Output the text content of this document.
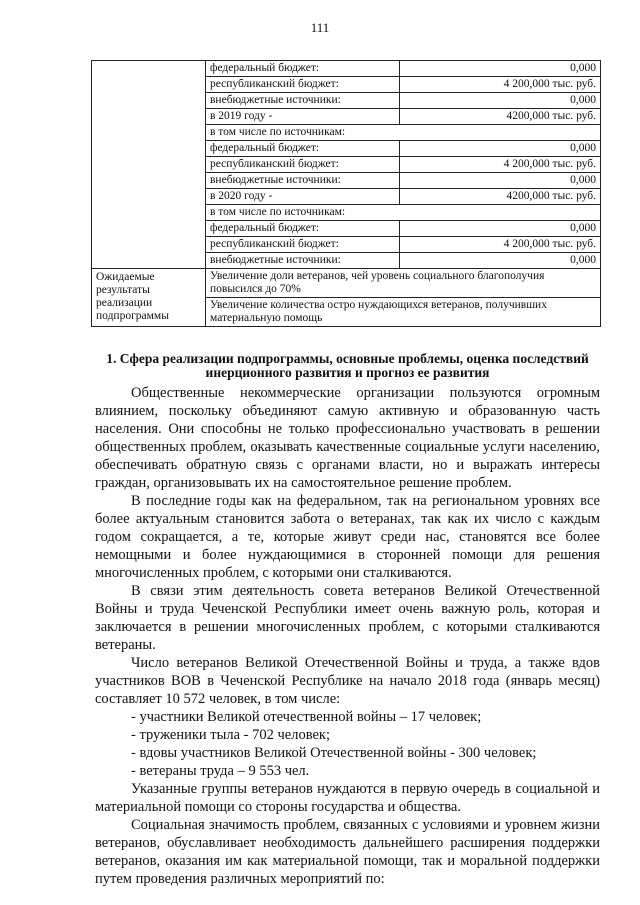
111
	федеральный бюджет:	0,000
	республиканский бюджет:	4 200,000 тыс. руб.
	внебюджетные источники:	0,000
	в 2019 году -	4200,000 тыс. руб.
	в том числе по источникам:	
	федеральный бюджет:	0,000
	республиканский бюджет:	4 200,000 тыс. руб.
	внебюджетные источники:	0,000
	в 2020 году -	4200,000 тыс. руб.
	в том числе по источникам:	
	федеральный бюджет:	0,000
	республиканский бюджет:	4 200,000 тыс. руб.
	внебюджетные источники:	0,000
Ожидаемые результаты реализации подпрограммы	Увеличение доли ветеранов, чей уровень социального благополучия повысился до 70%	
	Увеличение количества остро нуждающихся ветеранов, получивших материальную помощь	
1. Сфера реализации подпрограммы, основные проблемы, оценка последствий инерционного развития и прогноз ее развития

Общественные некоммерческие организации пользуются огромным влиянием, поскольку объединяют самую активную и образованную часть населения. Они способны не только профессионально участвовать в решении общественных проблем, оказывать качественные социальные услуги населению, обеспечивать обратную связь с органами власти, но и выражать интересы граждан, организовывать их на самостоятельное решение проблем.

В последние годы как на федеральном, так на региональном уровнях все более актуальным становится забота о ветеранах, так как их число с каждым годом сокращается, а те, которые живут среди нас, становятся все более немощными и более нуждающимися в сторонней помощи для решения многочисленных проблем, с которыми они сталкиваются.

В связи этим деятельность совета ветеранов Великой Отечественной Войны и труда Чеченской Республики имеет очень важную роль, которая и заключается в решении многочисленных проблем, с которыми сталкиваются ветераны.

Число ветеранов Великой Отечественной Войны и труда, а также вдов участников ВОВ в Чеченской Республике на начало 2018 года (январь месяц) составляет 10 572 человек, в том числе:

- участники Великой отечественной войны – 17 человек;

- труженики тыла - 702 человек;

- вдовы участников Великой Отечественной войны - 300 человек;

- ветераны труда – 9 553 чел.

Указанные группы ветеранов нуждаются в первую очередь в социальной и материальной помощи со стороны государства и общества.

Социальная значимость проблем, связанных с условиями и уровнем жизни ветеранов, обуславливает необходимость дальнейшего расширения поддержки ветеранов, оказания им как материальной помощи, так и моральной поддержки путем проведения различных мероприятий по:
